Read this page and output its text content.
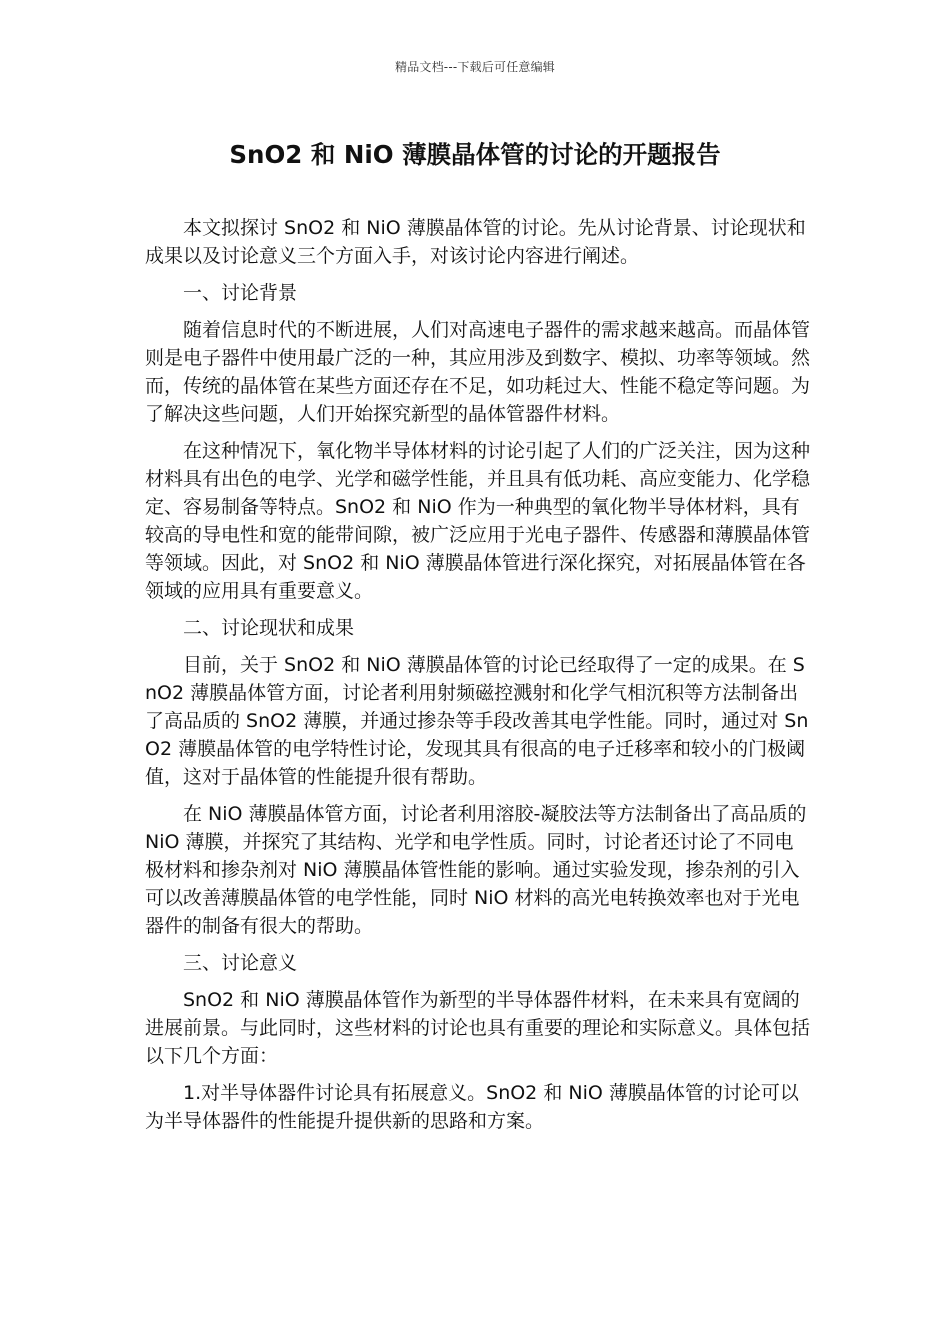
精品文档---下载后可任意编辑
SnO2 和 NiO 薄膜晶体管的讨论的开题报告

本文拟探讨 SnO2 和 NiO 薄膜晶体管的讨论。先从讨论背景、讨论现状和成果以及讨论意义三个方面入手，对该讨论内容进行阐述。

一、讨论背景

随着信息时代的不断进展，人们对高速电子器件的需求越来越高。而晶体管则是电子器件中使用最广泛的一种，其应用涉及到数字、模拟、功率等领域。然而，传统的晶体管在某些方面还存在不足，如功耗过大、性能不稳定等问题。为了解决这些问题，人们开始探究新型的晶体管器件材料。

在这种情况下，氧化物半导体材料的讨论引起了人们的广泛关注，因为这种材料具有出色的电学、光学和磁学性能，并且具有低功耗、高应变能力、化学稳定、容易制备等特点。SnO2 和 NiO 作为一种典型的氧化物半导体材料，具有较高的导电性和宽的能带间隙，被广泛应用于光电子器件、传感器和薄膜晶体管等领域。因此，对 SnO2 和 NiO 薄膜晶体管进行深化探究，对拓展晶体管在各领域的应用具有重要意义。

二、讨论现状和成果

目前，关于 SnO2 和 NiO 薄膜晶体管的讨论已经取得了一定的成果。在 SnO2 薄膜晶体管方面，讨论者利用射频磁控溅射和化学气相沉积等方法制备出了高品质的 SnO2 薄膜，并通过掺杂等手段改善其电学性能。同时，通过对 SnO2 薄膜晶体管的电学特性讨论，发现其具有很高的电子迁移率和较小的门极阈值，这对于晶体管的性能提升很有帮助。

在 NiO 薄膜晶体管方面，讨论者利用溶胶-凝胶法等方法制备出了高品质的 NiO 薄膜，并探究了其结构、光学和电学性质。同时，讨论者还讨论了不同电极材料和掺杂剂对 NiO 薄膜晶体管性能的影响。通过实验发现，掺杂剂的引入可以改善薄膜晶体管的电学性能，同时 NiO 材料的高光电转换效率也对于光电器件的制备有很大的帮助。

三、讨论意义

SnO2 和 NiO 薄膜晶体管作为新型的半导体器件材料，在未来具有宽阔的进展前景。与此同时，这些材料的讨论也具有重要的理论和实际意义。具体包括以下几个方面：

1.对半导体器件讨论具有拓展意义。SnO2 和 NiO 薄膜晶体管的讨论可以为半导体器件的性能提升提供新的思路和方案。
